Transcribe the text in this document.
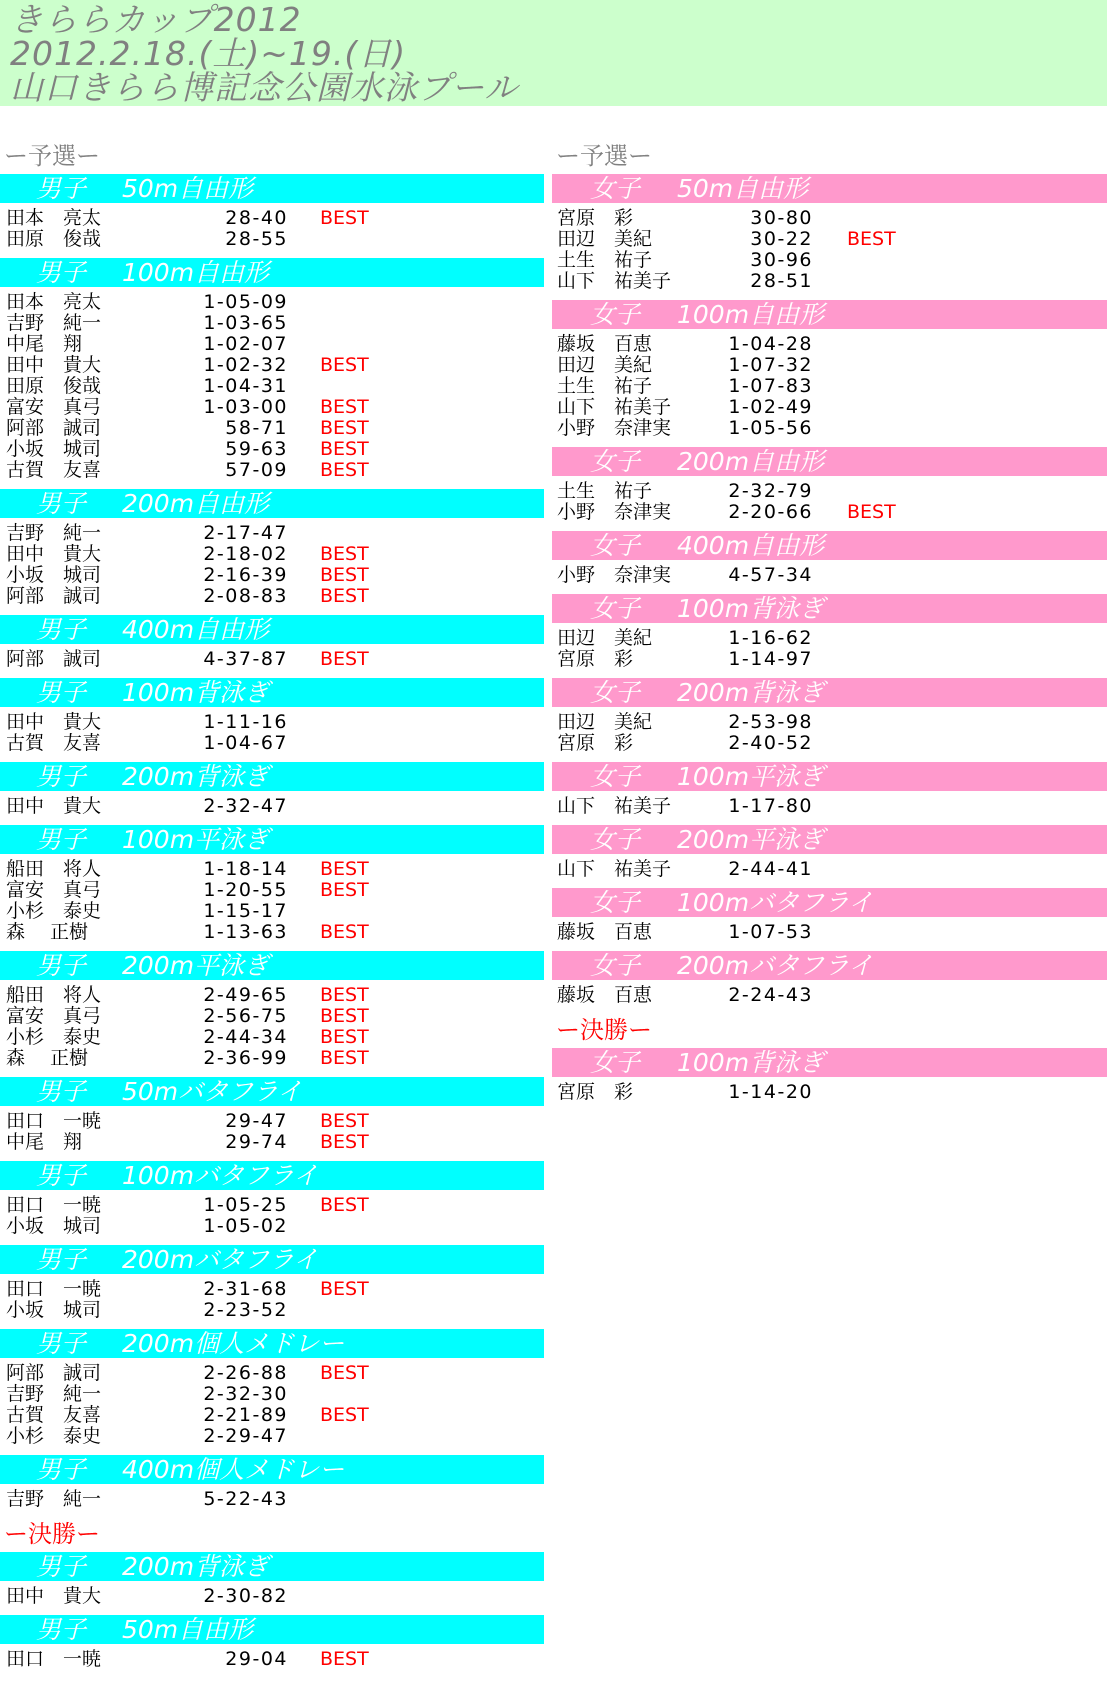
きららカップ2012
2012.2.18.(土)~19.(日)
山口きらら博記念公園水泳プール
ー予選ー
男子 50m自由形
田本　亮太	28-40 BEST
田原　俊哉	28-55
男子 100m自由形
田本　亮太	1-05-09
吉野　純一	1-03-65
中尾　翔	1-02-07
田中　貴大	1-02-32 BEST
田原　俊哉	1-04-31
富安　真弓	1-03-00 BEST
阿部　誠司	58-71 BEST
小坂　城司	59-63 BEST
古賀　友喜	57-09 BEST
男子 200m自由形
吉野　純一	2-17-47
田中　貴大	2-18-02 BEST
小坂　城司	2-16-39 BEST
阿部　誠司	2-08-83 BEST
男子 400m自由形
阿部　誠司	4-37-87 BEST
男子 100m背泳ぎ
田中　貴大	1-11-16
古賀　友喜	1-04-67
男子 200m背泳ぎ
田中　貴大	2-32-47
男子 100m平泳ぎ
船田　将人	1-18-14 BEST
富安　真弓	1-20-55 BEST
小杉　泰史	1-15-17
森　 正樹	1-13-63 BEST
男子 200m平泳ぎ
船田　将人	2-49-65 BEST
富安　真弓	2-56-75 BEST
小杉　泰史	2-44-34 BEST
森　 正樹	2-36-99 BEST
男子 50mバタフライ
田口　一暁	29-47 BEST
中尾　翔	29-74 BEST
男子 100mバタフライ
田口　一暁	1-05-25 BEST
小坂　城司	1-05-02
男子 200mバタフライ
田口　一暁	2-31-68 BEST
小坂　城司	2-23-52
男子 200m個人メドレー
阿部　誠司	2-26-88 BEST
吉野　純一	2-32-30
古賀　友喜	2-21-89 BEST
小杉　泰史	2-29-47
男子 400m個人メドレー
吉野　純一	5-22-43
ー決勝ー
男子 200m背泳ぎ
田中　貴大	2-30-82
男子 50m自由形
田口　一暁	29-04 BEST
ー予選ー
女子 50m自由形
宮原　彩	30-80
田辺　美紀	30-22 BEST
土生　祐子	30-96
山下　祐美子	28-51
女子 100m自由形
藤坂　百恵	1-04-28
田辺　美紀	1-07-32
土生　祐子	1-07-83
山下　祐美子	1-02-49
小野　奈津実	1-05-56
女子 200m自由形
土生　祐子	2-32-79
小野　奈津実	2-20-66 BEST
女子 400m自由形
小野　奈津実	4-57-34
女子 100m背泳ぎ
田辺　美紀	1-16-62
宮原　彩	1-14-97
女子 200m背泳ぎ
田辺　美紀	2-53-98
宮原　彩	2-40-52
女子 100m平泳ぎ
山下　祐美子	1-17-80
女子 200m平泳ぎ
山下　祐美子	2-44-41
女子 100mバタフライ
藤坂　百恵	1-07-53
女子 200mバタフライ
藤坂　百恵	2-24-43
ー決勝ー
女子 100m背泳ぎ
宮原　彩	1-14-20
